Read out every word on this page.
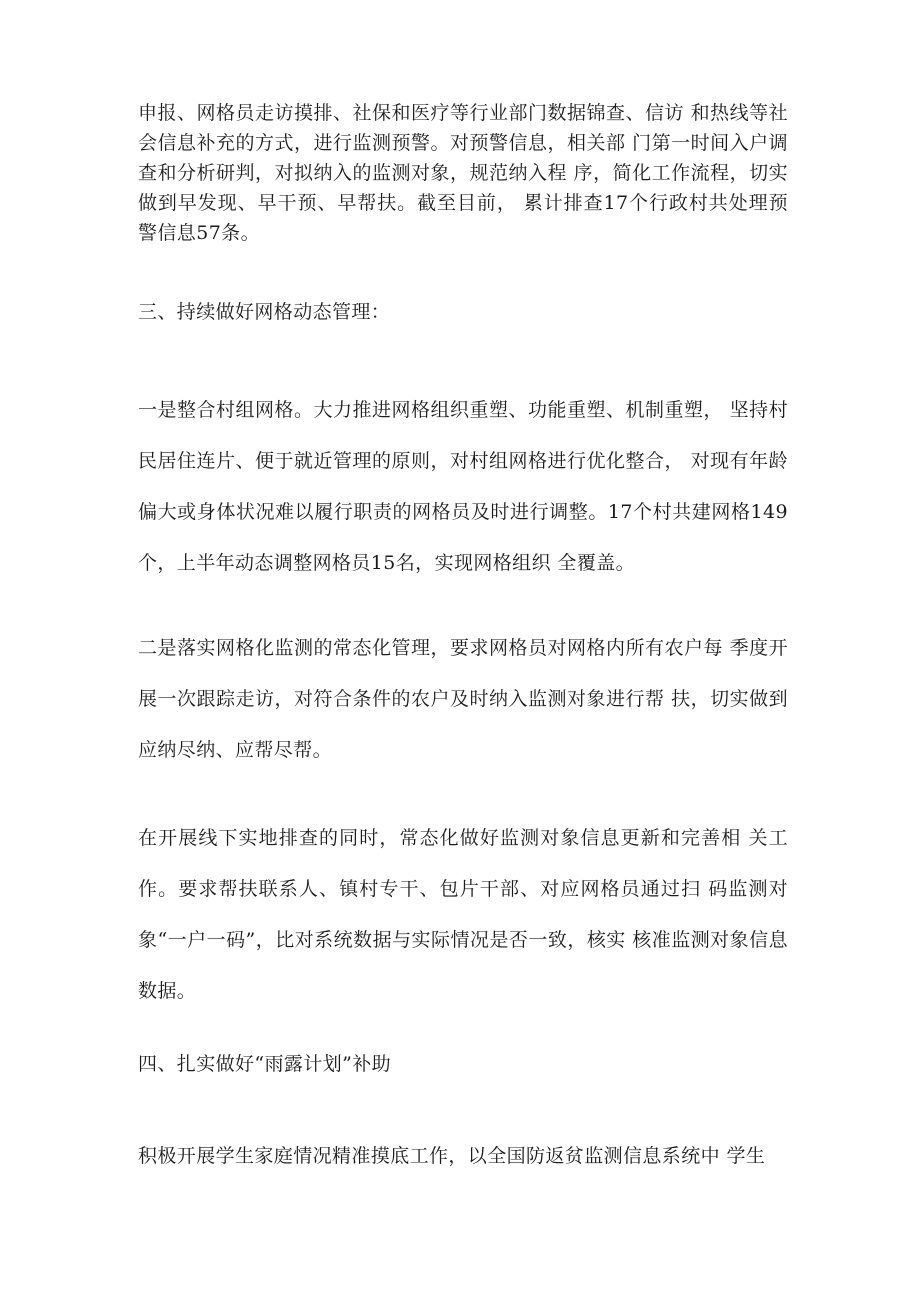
申报、网格员走访摸排、社保和医疗等行业部门数据锦查、信访 和热线等社会信息补充的方式，进行监测预警。对预警信息，相关部 门第一时间入户调查和分析研判，对拟纳入的监测对象，规范纳入程 序，简化工作流程，切实做到早发现、早干预、早帮扶。截至目前， 累计排查17个行政村共处理预警信息57条。

三、持续做好网格动态管理：

一是整合村组网格。大力推进网格组织重塑、功能重塑、机制重塑， 坚持村民居住连片、便于就近管理的原则，对村组网格进行优化整合， 对现有年龄偏大或身体状况难以履行职责的网格员及时进行调整。17个村共建网格149个，上半年动态调整网格员15名，实现网格组织 全覆盖。

二是落实网格化监测的常态化管理，要求网格员对网格内所有农户每 季度开展一次跟踪走访，对符合条件的农户及时纳入监测对象进行帮 扶，切实做到应纳尽纳、应帮尽帮。

在开展线下实地排查的同时，常态化做好监测对象信息更新和完善相 关工作。要求帮扶联系人、镇村专干、包片干部、对应网格员通过扫 码监测对象“一户一码”，比对系统数据与实际情况是否一致，核实 核准监测对象信息数据。

四、扎实做好“雨露计划”补助

积极开展学生家庭情况精准摸底工作，以全国防返贫监测信息系统中 学生
